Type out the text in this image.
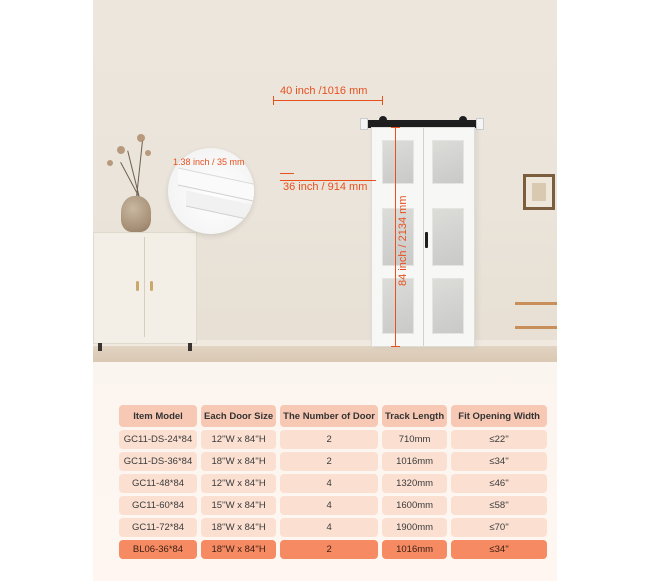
40 inch /1016 mm
36 inch / 914 mm
84 inch / 2134 mm
1.38 inch / 35 mm
Item Model	Each Door Size	The Number of Door	Track Length	Fit Opening Width
GC11-DS-24*84	12''W x 84''H	2	710mm	≤22''
GC11-DS-36*84	18''W x 84''H	2	1016mm	≤34''
GC11-48*84	12''W x 84''H	4	1320mm	≤46''
GC11-60*84	15''W x 84''H	4	1600mm	≤58''
GC11-72*84	18''W x 84''H	4	1900mm	≤70''
BL06-36*84	18''W x 84''H	2	1016mm	≤34''
